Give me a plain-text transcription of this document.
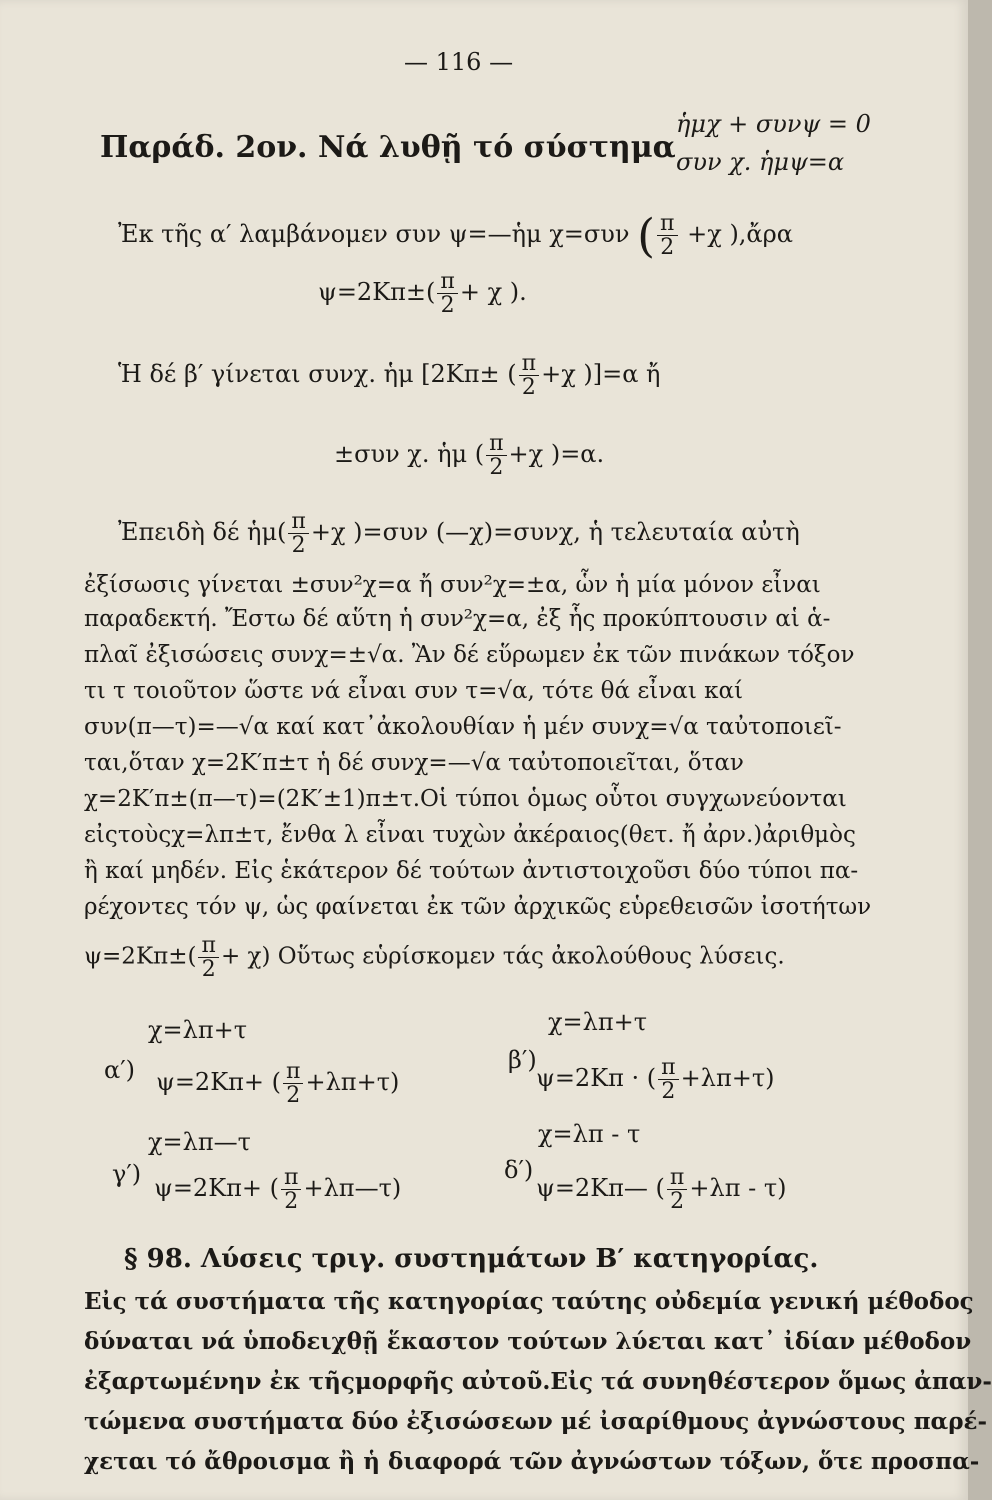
— 116 —
Παράδ. 2ον. Νά λυθῇ τό σύστημα
ἡμχ + συνψ = 0
συν χ. ἡμψ=α
Ἐκ τῆς α′ λαμβάνομεν συν ψ=—ἡμ χ=συν ( $\frac{\pi}{2} +\chi$ ),ἄρα
$\psi=2K\pi\pm( \frac{\pi}{2} + \chi$ ).
Ἡ δέ β′ γίνεται συνχ. ἡμ [2Κπ± ( $\frac{\pi}{2} +\chi$ )]=α ἤ
±συν χ. ἡμ ( $\frac{\pi}{2} +\chi$ )=α.
Ἐπειδὴ δέ ἡμ( $\frac{\pi}{2} +\chi$ )=συν (—χ)=συνχ, ἡ τελευταία αὐτὴ
ἐξίσωσις γίνεται ±συν²χ=α ἤ συν²χ=±α, ὧν ἡ μία μόνον εἶναι
παραδεκτή. Ἔστω δέ αὕτη ἡ συν²χ=α, ἐξ ἧς προκύπτουσιν αἱ ἁ-
πλαῖ ἐξισώσεις συνχ=±√α. Ἂν δέ εὕρωμεν ἐκ τῶν πινάκων τόξον
τι τ τοιοῦτον ὥστε νά εἶναι συν τ=√α, τότε θά εἶναι καί
συν(π—τ)=—√α καί κατ᾽ἀκολουθίαν ἡ μέν συνχ=√α ταὐτοποιεῖ-
ται,ὅταν χ=2Κ′π±τ ἡ δέ συνχ=—√α ταὐτοποιεῖται, ὅταν
χ=2Κ′π±(π—τ)=(2Κ′±1)π±τ.Οἱ τύποι ὁμως οὗτοι συγχωνεύονται
εἰςτοὺςχ=λπ±τ, ἔνθα λ εἶναι τυχὼν ἀκέραιος(θετ. ἤ ἀρν.)ἀριθμὸς
ἢ καί μηδέν. Εἰς ἑκάτερον δέ τούτων ἀντιστοιχοῦσι δύο τύποι πα-
ρέχοντες τόν ψ, ὡς φαίνεται ἐκ τῶν ἀρχικῶς εὑρεθεισῶν ἰσοτήτων
$\psi=2K\pi\pm( \frac{\pi}{2} + \chi)$ Οὕτως εὑρίσκομεν τάς ἀκολούθους λύσεις.
α′)
χ=λπ+τ
ψ=2Κπ+ ( $\frac{\pi}{2} +\lambda\pi+\tau$)
β′)
χ=λπ+τ
ψ=2Κπ · ( $\frac{\pi}{2} +\lambda\pi+\tau$)
γ′)
χ=λπ—τ
ψ=2Κπ+ ( $\frac{\pi}{2}$ +λπ—τ)
δ′)
χ=λπ - τ
ψ=2Κπ— ( $\frac{\pi}{2} +\lambda\pi - \tau$)
§ 98. Λύσεις τριγ. συστημάτων Β′ κατηγορίας.
Εἰς τά συστήματα τῆς κατηγορίας ταύτης οὐδεμία γενική μέθοδος
δύναται νά ὑποδειχθῇ ἕκαστον τούτων λύεται κατ᾽ ἰδίαν μέθοδον
ἐξαρτωμένην ἐκ τῆςμορφῆς αὐτοῦ.Εἰς τά συνηθέστερον ὅμως ἀπαν-
τώμενα συστήματα δύο ἐξισώσεων μέ ἰσαρίθμους ἀγνώστους παρέ-
χεται τό ἄθροισμα ἢ ἡ διαφορά τῶν ἀγνώστων τόξων, ὅτε προσπα-
